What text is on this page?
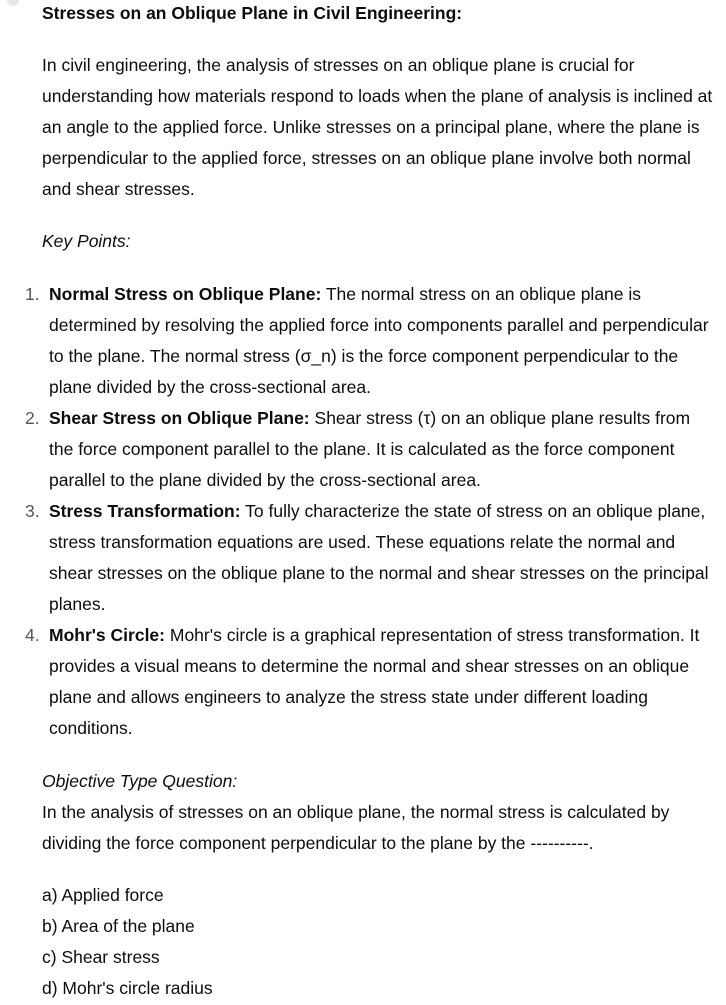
Stresses on an Oblique Plane in Civil Engineering:

In civil engineering, the analysis of stresses on an oblique plane is crucial for understanding how materials respond to loads when the plane of analysis is inclined at an angle to the applied force. Unlike stresses on a principal plane, where the plane is perpendicular to the applied force, stresses on an oblique plane involve both normal and shear stresses.

Key Points:

1. Normal Stress on Oblique Plane: The normal stress on an oblique plane is determined by resolving the applied force into components parallel and perpendicular to the plane. The normal stress (σ_n) is the force component perpendicular to the plane divided by the cross-sectional area.
2. Shear Stress on Oblique Plane: Shear stress (τ) on an oblique plane results from the force component parallel to the plane. It is calculated as the force component parallel to the plane divided by the cross-sectional area.
3. Stress Transformation: To fully characterize the state of stress on an oblique plane, stress transformation equations are used. These equations relate the normal and shear stresses on the oblique plane to the normal and shear stresses on the principal planes.
4. Mohr's Circle: Mohr's circle is a graphical representation of stress transformation. It provides a visual means to determine the normal and shear stresses on an oblique plane and allows engineers to analyze the stress state under different loading conditions.

Objective Type Question:

In the analysis of stresses on an oblique plane, the normal stress is calculated by dividing the force component perpendicular to the plane by the ----------.

a) Applied force

b) Area of the plane

c) Shear stress

d) Mohr's circle radius
